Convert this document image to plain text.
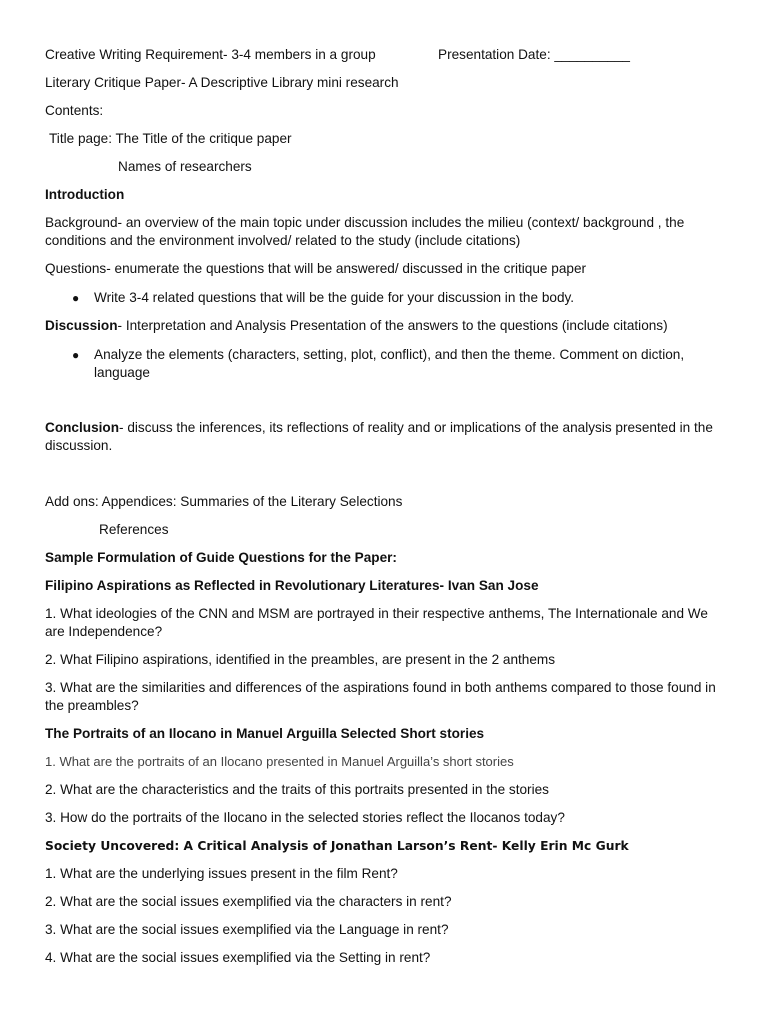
Creative Writing Requirement- 3-4 members in a group	Presentation Date: __________

Literary Critique Paper- A Descriptive Library mini research

Contents:

Title page: The Title of the critique paper

Names of researchers

Introduction

Background- an overview of the main topic under discussion includes the milieu (context/ background , the conditions and the environment involved/ related to the study (include citations)

Questions- enumerate the questions that will be answered/ discussed in the critique paper

● Write 3-4 related questions that will be the guide for your discussion in the body.

Discussion- Interpretation and Analysis Presentation of the answers to the questions (include citations)

● Analyze the elements (characters, setting, plot, conflict), and then the theme. Comment on diction, language

Conclusion- discuss the inferences, its reflections of reality and or implications of the analysis presented in the discussion.

Add ons: Appendices: Summaries of the Literary Selections

References

Sample Formulation of Guide Questions for the Paper:

Filipino Aspirations as Reflected in Revolutionary Literatures- Ivan San Jose

1. What ideologies of the CNN and MSM are portrayed in their respective anthems, The Internationale and We are Independence?

2. What Filipino aspirations, identified in the preambles, are present in the 2 anthems

3. What are the similarities and differences of the aspirations found in both anthems compared to those found in the preambles?

The Portraits of an Ilocano in Manuel Arguilla Selected Short stories

1. What are the portraits of an Ilocano presented in Manuel Arguilla’s short stories

2. What are the characteristics and the traits of this portraits presented in the stories

3. How do the portraits of the Ilocano in the selected stories reflect the Ilocanos today?

Society Uncovered: A Critical Analysis of Jonathan Larson’s Rent- Kelly Erin Mc Gurk

1. What are the underlying issues present in the film Rent?

2. What are the social issues exemplified via the characters in rent?

3. What are the social issues exemplified via the Language in rent?

4. What are the social issues exemplified via the Setting in rent?
